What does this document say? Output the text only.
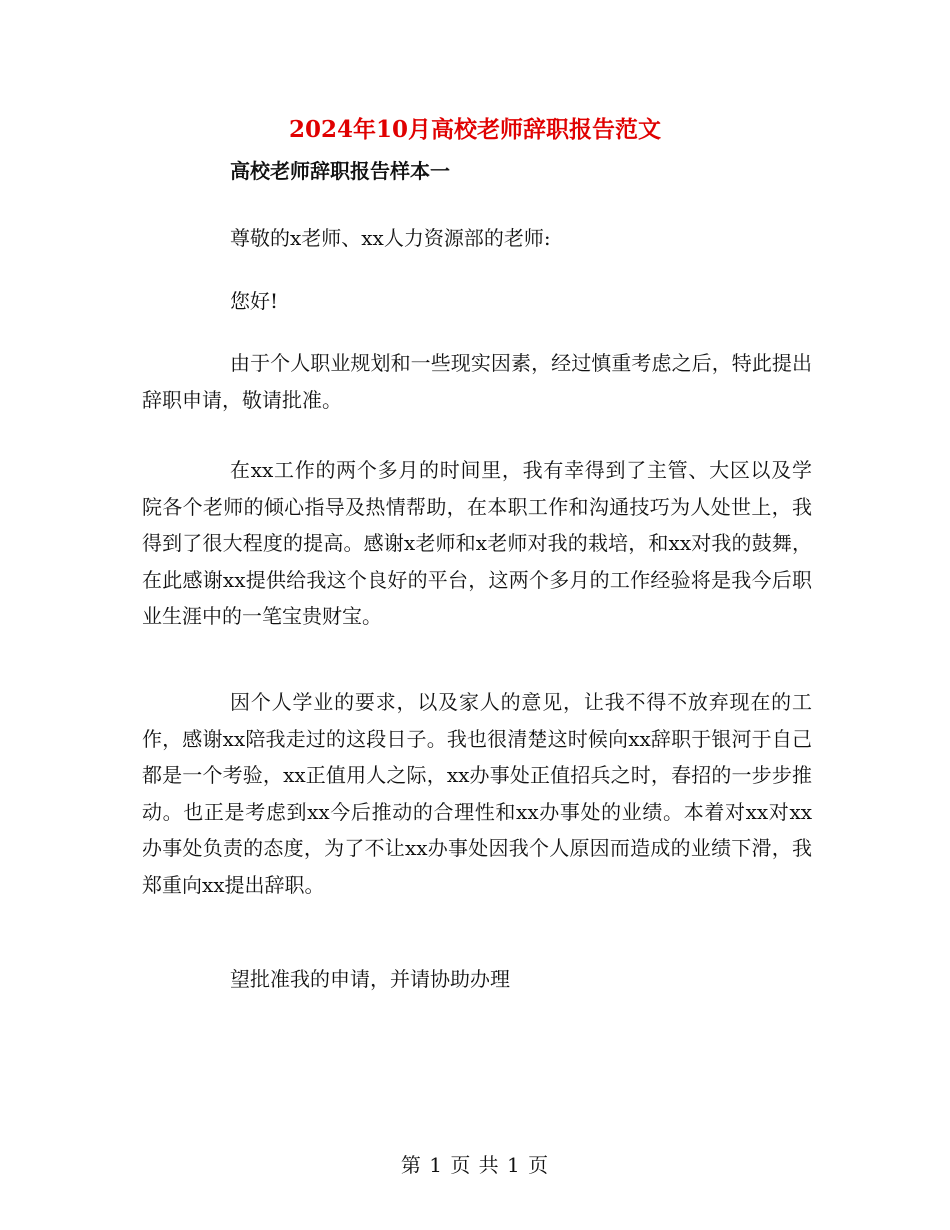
2024年10月高校老师辞职报告范文
高校老师辞职报告样本一
尊敬的x老师、xx人力资源部的老师:
您好!
由于个人职业规划和一些现实因素，经过慎重考虑之后，特此提出辞职申请，敬请批准。
在xx工作的两个多月的时间里，我有幸得到了主管、大区以及学院各个老师的倾心指导及热情帮助，在本职工作和沟通技巧为人处世上，我得到了很大程度的提高。感谢x老师和x老师对我的栽培，和xx对我的鼓舞，在此感谢xx提供给我这个良好的平台，这两个多月的工作经验将是我今后职业生涯中的一笔宝贵财宝。
因个人学业的要求，以及家人的意见，让我不得不放弃现在的工作，感谢xx陪我走过的这段日子。我也很清楚这时候向xx辞职于银河于自己都是一个考验，xx正值用人之际，xx办事处正值招兵之时，春招的一步步推动。也正是考虑到xx今后推动的合理性和xx办事处的业绩。本着对xx对xx办事处负责的态度，为了不让xx办事处因我个人原因而造成的业绩下滑，我郑重向xx提出辞职。
望批准我的申请，并请协助办理
第 1 页 共 1 页
